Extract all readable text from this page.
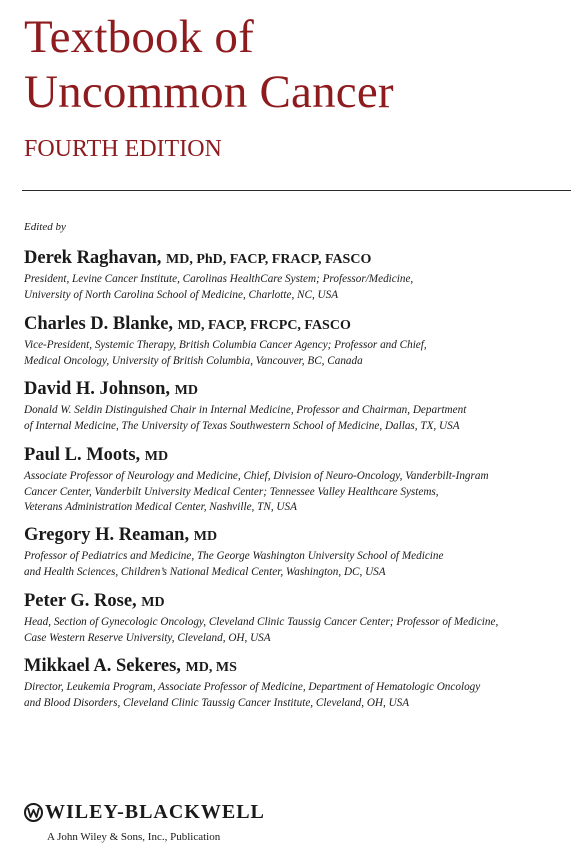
Textbook of
Uncommon Cancer
FOURTH EDITION
Edited by
Derek Raghavan, MD, PhD, FACP, FRACP, FASCO
President, Levine Cancer Institute, Carolinas HealthCare System; Professor/Medicine,
University of North Carolina School of Medicine, Charlotte, NC, USA
Charles D. Blanke, MD, FACP, FRCPC, FASCO
Vice-President, Systemic Therapy, British Columbia Cancer Agency; Professor and Chief,
Medical Oncology, University of British Columbia, Vancouver, BC, Canada
David H. Johnson, MD
Donald W. Seldin Distinguished Chair in Internal Medicine, Professor and Chairman, Department
of Internal Medicine, The University of Texas Southwestern School of Medicine, Dallas, TX, USA
Paul L. Moots, MD
Associate Professor of Neurology and Medicine, Chief, Division of Neuro-Oncology, Vanderbilt-Ingram
Cancer Center, Vanderbilt University Medical Center; Tennessee Valley Healthcare Systems,
Veterans Administration Medical Center, Nashville, TN, USA
Gregory H. Reaman, MD
Professor of Pediatrics and Medicine, The George Washington University School of Medicine
and Health Sciences, Children’s National Medical Center, Washington, DC, USA
Peter G. Rose, MD
Head, Section of Gynecologic Oncology, Cleveland Clinic Taussig Cancer Center; Professor of Medicine,
Case Western Reserve University, Cleveland, OH, USA
Mikkael A. Sekeres, MD, MS
Director, Leukemia Program, Associate Professor of Medicine, Department of Hematologic Oncology
and Blood Disorders, Cleveland Clinic Taussig Cancer Institute, Cleveland, OH, USA
WILEY-BLACKWELL
A John Wiley & Sons, Inc., Publication
